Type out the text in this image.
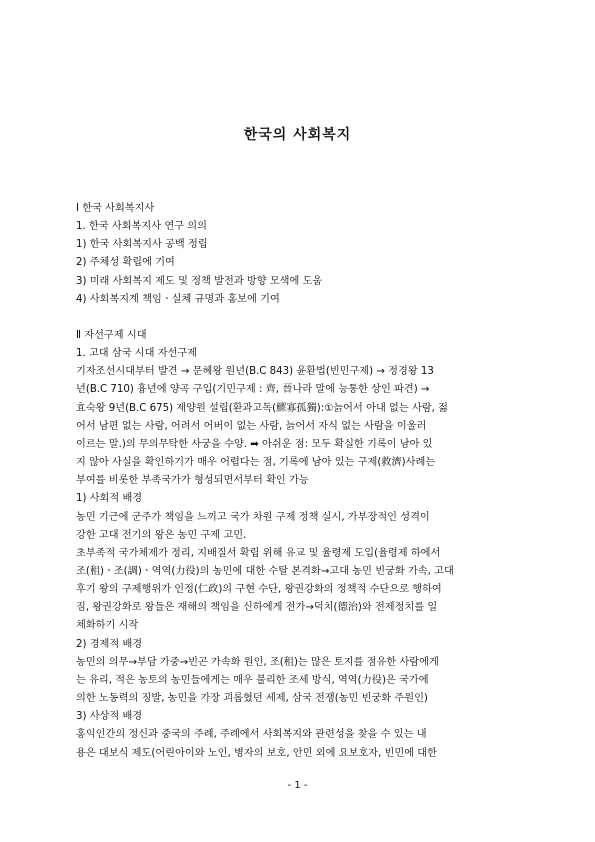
한국의 사회복지

Ⅰ 한국 사회복지사

1. 한국 사회복지사 연구 의의

1) 한국 사회복지사 공백 정립

2) 주체성 확립에 기여

3) 미래 사회복지 제도 및 정책 발전과 방향 모색에 도움

4) 사회복지계 책임ㆍ실체 규명과 홍보에 기여

Ⅱ 자선구제 시대

1. 고대 삼국 시대 자선구제

기자조선시대부터 발견 → 문혜왕 원년(B.C 843) 윤환법(빈민구제) → 정경왕 13

년(B.C 710) 흉년에 양곡 구입(기민구제 : 齊, 晉나라 말에 능통한 상인 파견) →

효숙왕 9년(B.C 675) 제양원 설립(환과고독(鰥寡孤獨):①늙어서 아내 없는 사람, 젊

어서 남편 없는 사람, 어려서 어버이 없는 사람, 늙어서 자식 없는 사람을 이울러

이르는 말.)의 무의무탁한 사궁을 수양. ➡ 아쉬운 점: 모두 확실한 기록이 남아 있

지 않아 사실을 확인하기가 매우 어렵다는 점, 기록에 남아 있는 구제(救濟)사례는

부여를 비롯한 부족국가가 형성되면서부터 확인 가능

1) 사회적 배경

농민 기근에 군주가 책임을 느끼고 국가 차원 구제 정책 실시, 가부장적인 성격이

강한 고대 전기의 왕은 농민 구제 고민.

초부족적 국가체제가 정리, 지배질서 확립 위해 유교 및 율령제 도입(율령제 하에서

조(租)ㆍ조(調)ㆍ역역(力役)의 농민에 대한 수탈 본격화→고대 농민 빈궁화 가속, 고대

후기 왕의 구제행위가 인정(仁政)의 구현 수단, 왕권강화의 정책적 수단으로 행하여

짐, 왕권강화로 왕들은 재해의 책임을 신하에게 전가→덕치(德治)와 전제정치를 일

체화하기 시작

2) 경제적 배경

농민의 의무→부담 가중→빈곤 가속화 원인, 조(租)는 많은 토지를 점유한 사람에게

는 유리, 적은 농토의 농민들에게는 매우 불리한 조세 방식, 역역(力役)은 국가에

의한 노동력의 징발, 농민을 가장 괴롭혔던 세제, 삼국 전쟁(농민 빈궁화 주원인)

3) 사상적 배경

홍익인간의 정신과 중국의 주례, 주례에서 사회복지와 관련성을 찾을 수 있는 내

용은 대보식 제도(어린아이와 노인, 병자의 보호, 안민 외에 요보호자, 빈민에 대한

- 1 -
